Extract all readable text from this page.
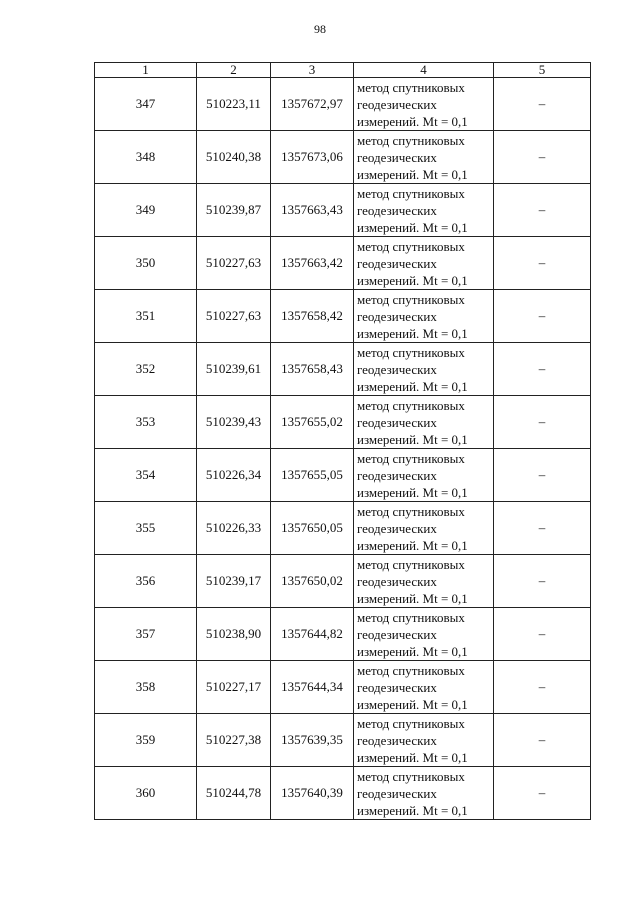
98
1	2	3	4	5
347	510223,11	1357672,97	метод спутниковых
геодезических
измерений. Mt = 0,1	–
348	510240,38	1357673,06	метод спутниковых
геодезических
измерений. Mt = 0,1	–
349	510239,87	1357663,43	метод спутниковых
геодезических
измерений. Mt = 0,1	–
350	510227,63	1357663,42	метод спутниковых
геодезических
измерений. Mt = 0,1	–
351	510227,63	1357658,42	метод спутниковых
геодезических
измерений. Mt = 0,1	–
352	510239,61	1357658,43	метод спутниковых
геодезических
измерений. Mt = 0,1	–
353	510239,43	1357655,02	метод спутниковых
геодезических
измерений. Mt = 0,1	–
354	510226,34	1357655,05	метод спутниковых
геодезических
измерений. Mt = 0,1	–
355	510226,33	1357650,05	метод спутниковых
геодезических
измерений. Mt = 0,1	–
356	510239,17	1357650,02	метод спутниковых
геодезических
измерений. Mt = 0,1	–
357	510238,90	1357644,82	метод спутниковых
геодезических
измерений. Mt = 0,1	–
358	510227,17	1357644,34	метод спутниковых
геодезических
измерений. Mt = 0,1	–
359	510227,38	1357639,35	метод спутниковых
геодезических
измерений. Mt = 0,1	–
360	510244,78	1357640,39	метод спутниковых
геодезических
измерений. Mt = 0,1	–
